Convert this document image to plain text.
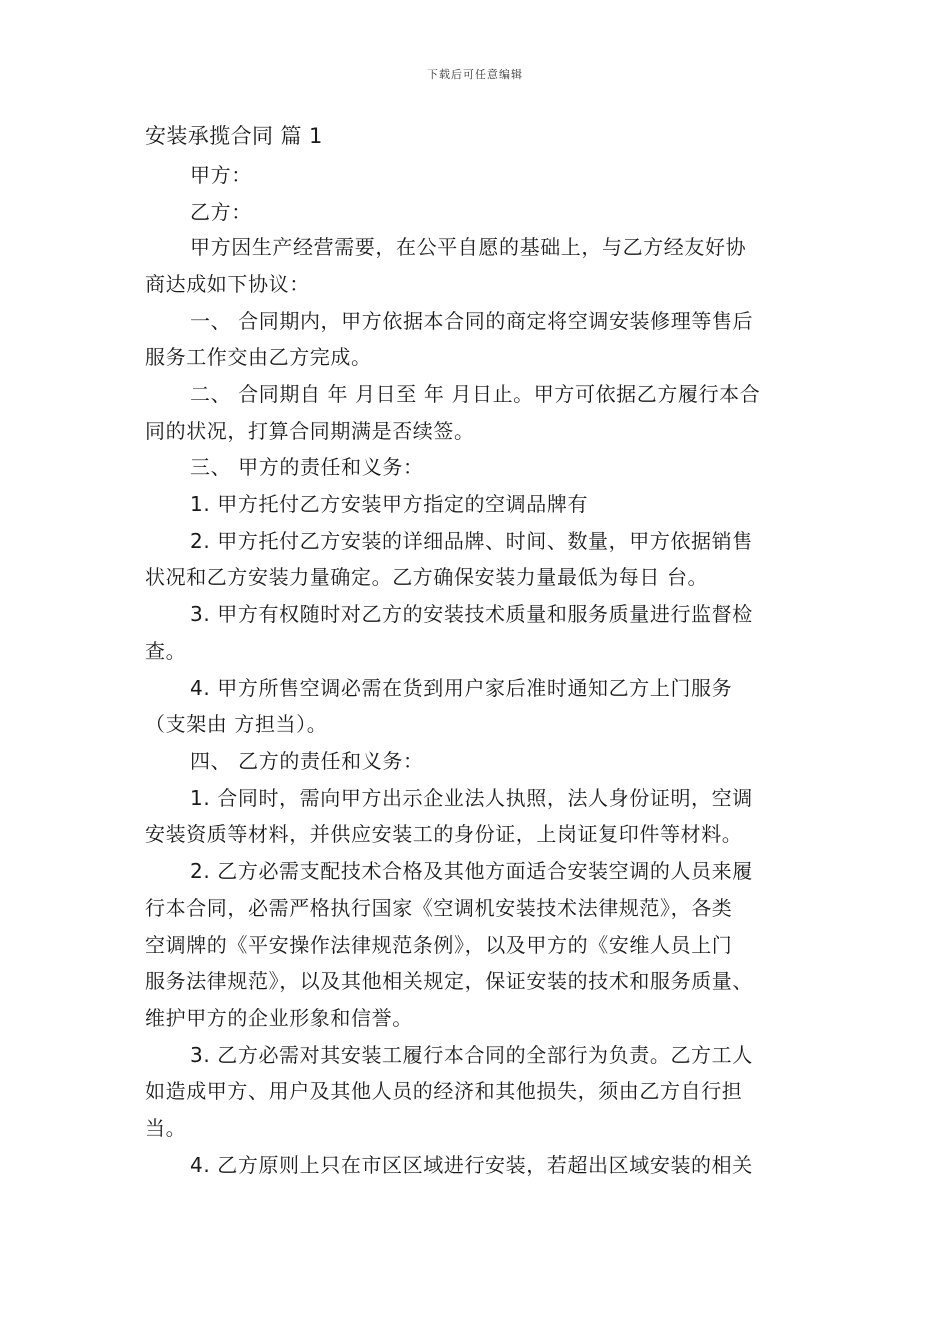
下载后可任意编辑
安装承揽合同 篇 1
甲方：
乙方：
甲方因生产经营需要，在公平自愿的基础上，与乙方经友好协
商达成如下协议：
一、 合同期内，甲方依据本合同的商定将空调安装修理等售后
服务工作交由乙方完成。
二、 合同期自 年 月日至 年 月日止。甲方可依据乙方履行本合
同的状况，打算合同期满是否续签。
三、 甲方的责任和义务：
1. 甲方托付乙方安装甲方指定的空调品牌有
2. 甲方托付乙方安装的详细品牌、时间、数量，甲方依据销售
状况和乙方安装力量确定。乙方确保安装力量最低为每日 台。
3. 甲方有权随时对乙方的安装技术质量和服务质量进行监督检
查。
4. 甲方所售空调必需在货到用户家后准时通知乙方上门服务
（支架由 方担当）。
四、 乙方的责任和义务：
1. 合同时，需向甲方出示企业法人执照，法人身份证明，空调
安装资质等材料，并供应安装工的身份证，上岗证复印件等材料。
2. 乙方必需支配技术合格及其他方面适合安装空调的人员来履
行本合同，必需严格执行国家《空调机安装技术法律规范》，各类
空调牌的《平安操作法律规范条例》，以及甲方的《安维人员上门
服务法律规范》，以及其他相关规定，保证安装的技术和服务质量、
维护甲方的企业形象和信誉。
3. 乙方必需对其安装工履行本合同的全部行为负责。乙方工人
如造成甲方、用户及其他人员的经济和其他损失，须由乙方自行担
当。
4. 乙方原则上只在市区区域进行安装，若超出区域安装的相关
